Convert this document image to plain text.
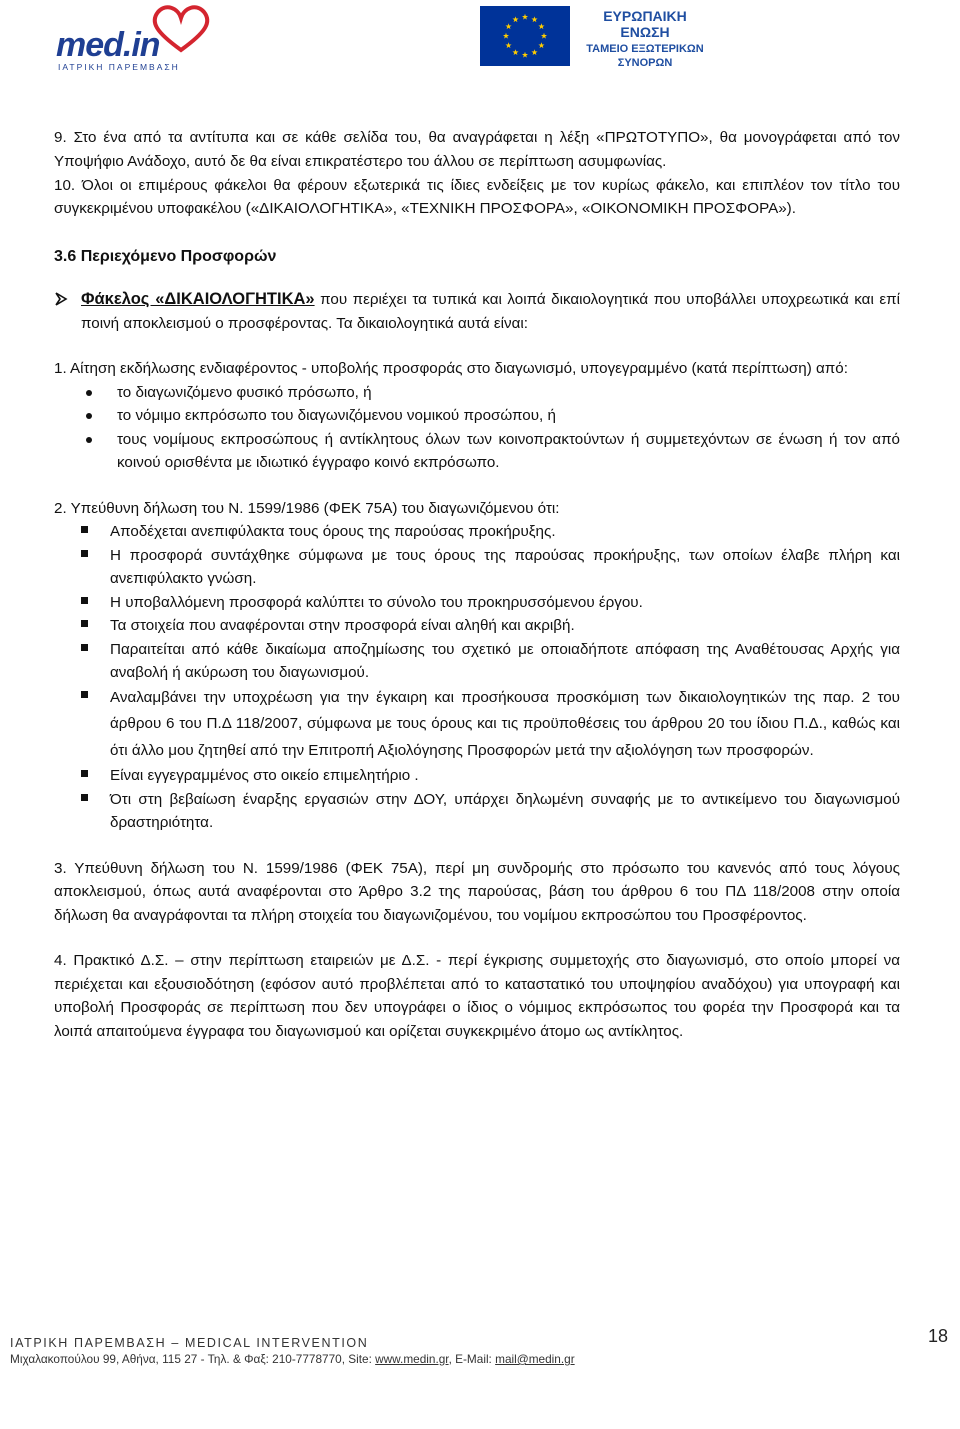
med.in
ΙΑΤΡΙΚΗ ΠΑΡΕΜΒΑΣΗ
ΕΥΡΩΠΑΙΚΗ ΕΝΩΣΗ
ΤΑΜΕΙΟ ΕΞΩΤΕΡΙΚΩΝ
ΣΥΝΟΡΩΝ

9. Στο ένα από τα αντίτυπα και σε κάθε σελίδα του, θα αναγράφεται η λέξη «ΠΡΩΤΟΤΥΠΟ», θα μονογράφεται από τον Υποψήφιο Ανάδοχο, αυτό δε θα είναι επικρατέστερο του άλλου σε περίπτωση ασυμφωνίας.

10. Όλοι οι επιμέρους φάκελοι θα φέρουν εξωτερικά τις ίδιες ενδείξεις με τον κυρίως φάκελο, και επιπλέον τον τίτλο του συγκεκριμένου υποφακέλου («ΔΙΚΑΙΟΛΟΓΗΤΙΚΑ», «ΤΕΧΝΙΚΗ ΠΡΟΣΦΟΡΑ», «ΟΙΚΟΝΟΜΙΚΗ ΠΡΟΣΦΟΡΑ»).

3.6 Περιεχόμενο Προσφορών

Φάκελος «ΔΙΚΑΙΟΛΟΓΗΤΙΚΑ» που περιέχει τα τυπικά και λοιπά δικαιολογητικά που υποβάλλει υποχρεωτικά και επί ποινή αποκλεισμού ο προσφέροντας. Τα δικαιολογητικά αυτά είναι:

1. Αίτηση εκδήλωσης ενδιαφέροντος - υποβολής προσφοράς στο διαγωνισμό, υπογεγραμμένο (κατά περίπτωση) από:

το διαγωνιζόμενο φυσικό πρόσωπο, ή
το νόμιμο εκπρόσωπο του διαγωνιζόμενου νομικού προσώπου, ή
τους νομίμους εκπροσώπους ή αντίκλητους όλων των κοινοπρακτούντων ή συμμετεχόντων σε ένωση ή τον από κοινού ορισθέντα με ιδιωτικό έγγραφο κοινό εκπρόσωπο.

2. Υπεύθυνη δήλωση του Ν. 1599/1986 (ΦΕΚ 75Α) του διαγωνιζόμενου ότι:

Αποδέχεται ανεπιφύλακτα τους όρους της παρούσας προκήρυξης.
Η προσφορά συντάχθηκε σύμφωνα με τους όρους της παρούσας προκήρυξης, των οποίων έλαβε πλήρη και ανεπιφύλακτο γνώση.
Η υποβαλλόμενη προσφορά καλύπτει το σύνολο του προκηρυσσόμενου έργου.
Τα στοιχεία που αναφέρονται στην προσφορά είναι αληθή και ακριβή.
Παραιτείται από κάθε δικαίωμα αποζημίωσης του σχετικό με οποιαδήποτε απόφαση της Αναθέτουσας Αρχής για αναβολή ή ακύρωση του διαγωνισμού.
Αναλαμβάνει την υποχρέωση για την έγκαιρη και προσήκουσα προσκόμιση των δικαιολογητικών της παρ. 2 του άρθρου 6 του Π.Δ 118/2007, σύμφωνα με τους όρους και τις προϋποθέσεις του άρθρου 20 του ίδιου Π.Δ., καθώς και ότι άλλο μου ζητηθεί από την Επιτροπή Αξιολόγησης Προσφορών μετά την αξιολόγηση των προσφορών.
Είναι εγγεγραμμένος στο οικείο επιμελητήριο .
Ότι στη βεβαίωση έναρξης εργασιών στην ΔΟΥ, υπάρχει δηλωμένη συναφής με το αντικείμενο του διαγωνισμού δραστηριότητα.

3. Υπεύθυνη δήλωση του Ν. 1599/1986 (ΦΕΚ 75Α), περί μη συνδρομής στο πρόσωπο του κανενός από τους λόγους αποκλεισμού, όπως αυτά αναφέρονται στο Άρθρο 3.2 της παρούσας, βάση του άρθρου 6 του ΠΔ 118/2008 στην οποία δήλωση θα αναγράφονται τα πλήρη στοιχεία του διαγωνιζομένου, του νομίμου εκπροσώπου του Προσφέροντος.

4. Πρακτικό Δ.Σ. – στην περίπτωση εταιρειών με Δ.Σ. - περί έγκρισης συμμετοχής στο διαγωνισμό, στο οποίο μπορεί να περιέχεται και εξουσιοδότηση (εφόσον αυτό προβλέπεται από το καταστατικό του υποψηφίου αναδόχου) για υπογραφή και υποβολή Προσφοράς σε περίπτωση που δεν υπογράφει ο ίδιος ο νόμιμος εκπρόσωπος του φορέα την Προσφορά και τα λοιπά απαιτούμενα έγγραφα του διαγωνισμού και ορίζεται συγκεκριμένο άτομο ως αντίκλητος.

ΙΑΤΡΙΚΗ ΠΑΡΕΜΒΑΣΗ – MEDICAL INTERVENTION
Μιχαλακοπούλου 99, Αθήνα, 115 27 - Τηλ. & Φαξ: 210-7778770, Site: www.medin.gr, E-Mail: mail@medin.gr
18
